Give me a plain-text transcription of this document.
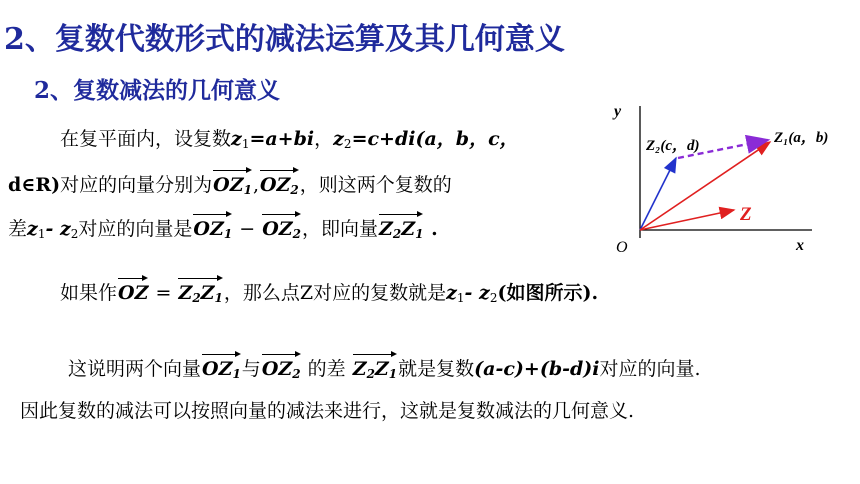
2、复数代数形式的减法运算及其几何意义
2、复数减法的几何意义
在复平面内，设复数$z_1=a+bi$，$z_2=c+di(a$，b，c，
d∈R)对应的向量分别为$OZ_1,OZ_2$，则这两个复数的
差$z_1-$ $z_2$对应的向量是$OZ_1 - OZ_2$，即向量$Z_2Z_1$ .
如果作OZ = $Z_2Z_1$，那么点Z对应的复数就是$z_1-$ $z_2$(如图所示).
这说明两个向量$OZ_1$与$OZ_2$ 的差 $Z_2Z_1$就是复数(a-c)+(b-d)i对应的向量.
因此复数的减法可以按照向量的减法来进行，这就是复数减法的几何意义.
y
x
O
Z₂(c，d)	Z₁(a，b)
Z
